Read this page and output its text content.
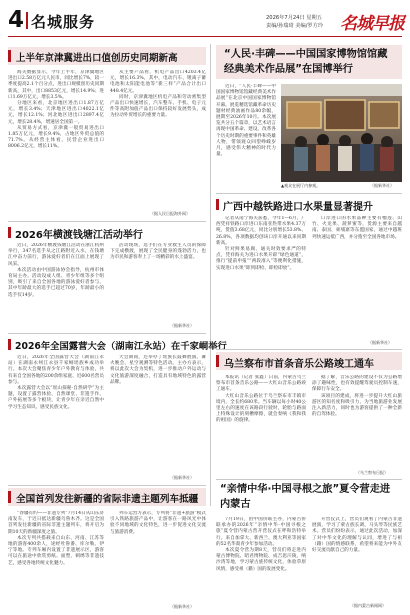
4 名城服务	2026年7月24日 星期五
责编/孙瑞琦 美编/罗方玲 名城早报
上半年京津冀进出口值创历史同期新高

海关数据显示，今年上半年，京津冀地区进出口2.58万亿元人民币，同比增长7%，较一季度提高2.1个百分点，进出口规模创历史同期新高，其中，出口8853亿元，增长14.9%；进口1.69万亿元，增长3.5%。

分地区来看，北京地区进出口1.87万亿元，增长3.4%；天津地区进出口4022.1亿元，增长12.1%；河北地区进出口2897.4亿元，增长28.4%，增速居全国第一。

从贸易方式看，京津冀一般贸易进出口1.85万亿元，增长9.4%，占地区外贸总值的71.7%。从经营主体看，民营企业进出口8006.2亿元，增长11%。

从主要产品看，机电产品出口4203.4亿元，增长16.3%，其中，电动汽车、锂离子蓄电池和太阳能电池等“新三样”产品合计出口448.4亿元。

同时，京津冀地区机电产品和劳动密集型产品出口快速增长，汽车整车、手机、电子元件等高附加值产品出口保持较好发展势头，成为拉动外贸增长的重要力量。

（据人民日报海外网）
2026年横渡钱塘江活动举行

近日，2026年横渡钱塘江活动在浙江杭州举行，347名选手从之江路附近入水，在钱塘江中奋力前行，游泳爱好者们在江面上展现了风采。

本次活动由中国游泳协会指导，杭州市体育局主办。活动设成人组、青少年组等多个组别，吸引了来自全国各地的游泳爱好者参与，其中年龄最大的选手已超过70岁，年龄最小的选手仅14岁。

活动现场，选手们在专业救生人员的保障下完成横渡，展现了全民健身的蓬勃活力，也为市民和游客奉上了一场精彩的水上盛宴。

（据新华社）
2026年全国露营大会（湖南江永站）在千家峒举行

近日，2026年全国露营大会（湖南江永站）在湖南永州江永县千家峒瑶族乡成功举行。本次大会聚焦青少年户外教育与体验，共有来自全国各地的200余组家庭、近600名营员参与。

本次露营大会以“瑶山探秘·自然研学”为主题，设置了露营体验、自然课堂、非遗手作、户外拓展等多个板块，让青少年在亲近自然中学习生态知识、感受民族文化。

大会期间，还举办了瑶族长鼓舞展演、篝火晚会、星空观测等特色活动。主办方表示，将以此次大会为契机，进一步推动户外运动与文化旅游深度融合，打造具有地域特色的露营品牌。

（据新华社）
全国首列发往新疆的省际非遗主题列车抵疆

“春疆有约——非遗专列”7月14日从山东济南发车，于近日抵达新疆乌鲁木齐。这是全国首列发往新疆的省际非遗主题列车，将开启为期10天的新疆深度之旅。

本次专列共搭载来自山东、河南、江苏等地的游客400余人，途经吐鲁番、库尔勒、伊宁等地。专列车厢内设置了非遗展示区，游客可以在旅途中欣赏剪纸、面塑、刺绣等非遗技艺，感受各地传统文化魅力。

列车运营方表示，专列将“非遗+旅游”模式引入铁路旅游产品中，让游客在一路风光中体验不同地域的文化特色，进一步促进文化交流与旅游消费。

（据新华社）
“人民·丰碑——中国国家博物馆馆藏经典美术作品展”在国博举行

近日，“人民·丰碑——中国国家博物馆馆藏经典美术作品展”在北京中国国家博物馆开幕。展览精选馆藏革命历史题材经典油画作品80余幅，展期至2026年10月。本次展览共分五个篇章，以艺术语言再现中国革命、建设、改革各个历史时期的重要事件和英雄人物，带领观众回望峥嵘岁月，感受伟大精神的时代力量。

▲观众在展厅内参观。	（据新华社）
广西中越铁路进口水果量显著提升

记者从南宁海关获悉，今年1—6月，广西凭祥铁路口岸进口东南亚热带水果4.37万吨，货值3.68亿元，同比分别增长53.8%、26.8%，各项数据均创该口岸开通以来同期新高。

针对鲜果易腐、通关时效要求严的特点，凭祥海关为进口水果开辟“绿色通道”，推行“提前申报”“两段准入”等便利化措施，实现进口水果“即到即检、即检即放”。

口岸进口的水果品种主要有榴莲、山竹、火龙果、菠萝蜜等，货源主要来自越南、泰国、柬埔寨等东盟国家，通过中越班列快速运抵广西，并分拨至全国各地市场。

（据新华社）
乌兰察布市首条音乐公路竣工通车

本报讯（记者 张鑫）日前，内蒙古乌兰察布市首条音乐公路——大红山音乐公路竣工通车。

大红山音乐公路位于乌兰察布市丰镇市境内，全长约680米。当车辆以每小时40公里左右的速度在该路段行驶时，轮胎与路面上特殊设计的刻槽摩擦，就会奏响《我和我的祖国》的旋律。

据了解，音乐公路的建设不仅为公路增添了趣味性，也有效提醒驾驶员控制车速，保障行车安全。

该项目的建成，将进一步提升大红山旅游区的知名度和吸引力，为当地旅游业发展注入新活力，同时也为游客提供了一种全新的自驾体验。

（乌兰察布日报）
“亲情中华·中国寻根之旅”夏令营走进内蒙古

7月19日，由中国侨联主办，内蒙古侨联承办的2026年“亲情中华·中国寻根之旅”夏令营内蒙古营开营仪式在呼和浩特举行。来自加拿大、新西兰、澳大利亚等国家的52名华裔青少年参加活动。

本次夏令营为期8天，营员们将走进内蒙古博物院、昭君博物院、成吉思汗陵、响沙湾等地，学习蒙古族传统文化，体验草原风情，感受祖（籍）国的发展变化。

开营仪式上，营员们观看了内蒙古非遗展演，学习了蒙古族长调、马头琴等民族艺术。营员们纷纷表示，通过此次活动，加深了对中华文化的理解与认同，增进了与祖（籍）国的情感联系，希望将来能为中外友好交流贡献自己的力量。

（据内蒙古新闻网）
